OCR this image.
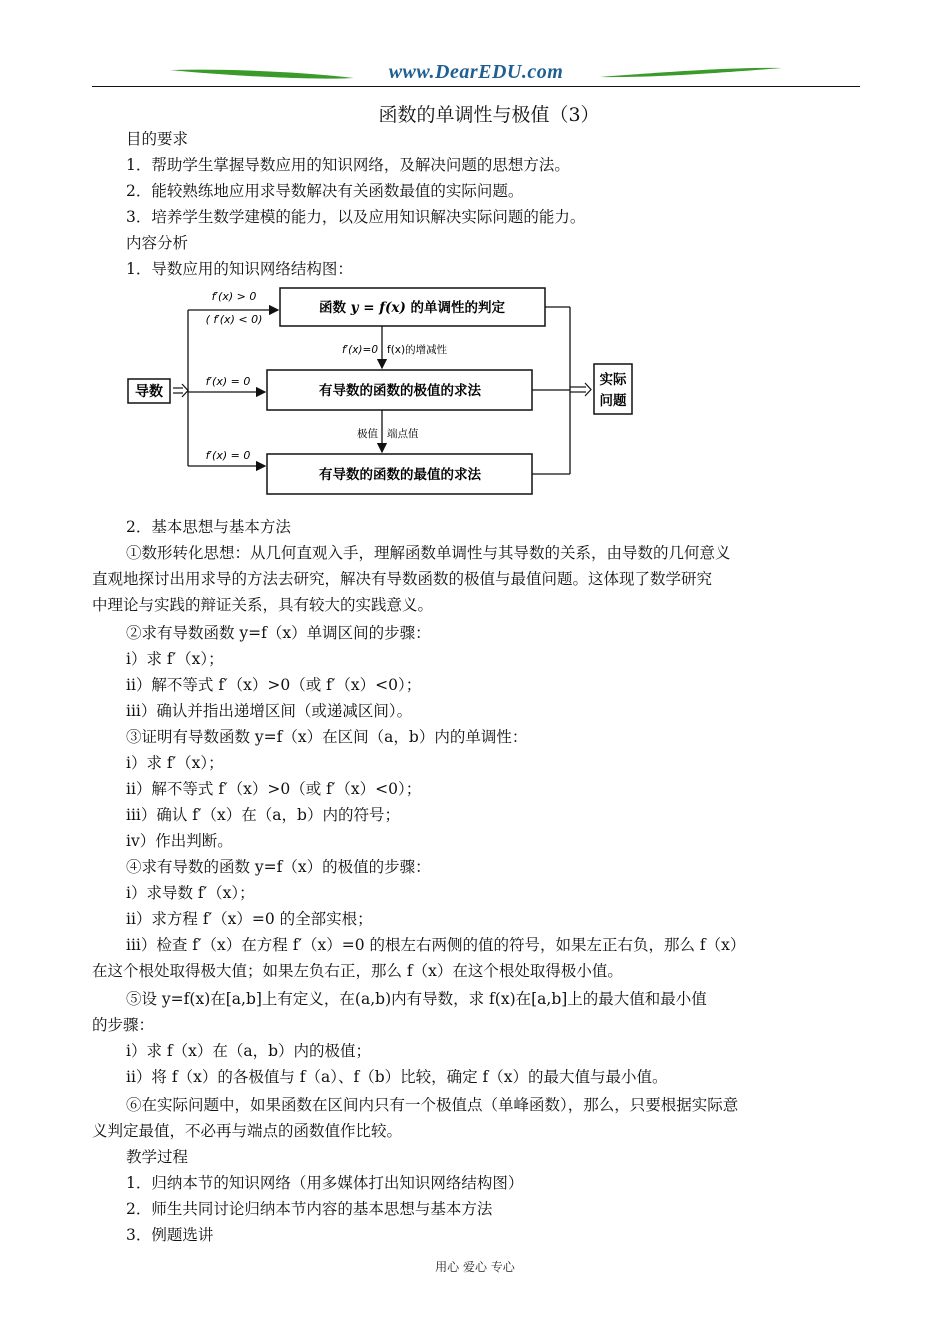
www.DearEDU.com
函数的单调性与极值（3）
目的要求
1．帮助学生掌握导数应用的知识网络，及解决问题的思想方法。
2．能较熟练地应用求导数解决有关函数最值的实际问题。
3．培养学生数学建模的能力，以及应用知识解决实际问题的能力。
内容分析
1．导数应用的知识网络结构图：
导数
f′(x) > 0
( f′(x) < 0)
f′(x) = 0
f′(x) = 0
函数 y = f(x) 的单调性的判定
有导数的函数的极值的求法
有导数的函数的最值的求法
f′(x)=0 f(x)的增减性
极值 端点值
实际
问题
2．基本思想与基本方法
①数形转化思想：从几何直观入手，理解函数单调性与其导数的关系，由导数的几何意义
直观地探讨出用求导的方法去研究，解决有导数函数的极值与最值问题。这体现了数学研究
中理论与实践的辩证关系，具有较大的实践意义。
②求有导数函数 y=f（x）单调区间的步骤：
i）求 f′（x）；
ii）解不等式 f′（x）>0（或 f′（x）<0）；
iii）确认并指出递增区间（或递减区间）。
③证明有导数函数 y=f（x）在区间（a，b）内的单调性：
i）求 f′（x）；
ii）解不等式 f′（x）>0（或 f′（x）<0）；
iii）确认 f′（x）在（a，b）内的符号；
iv）作出判断。
④求有导数的函数 y=f（x）的极值的步骤：
i）求导数 f′（x）；
ii）求方程 f′（x）=0 的全部实根；
iii）检查 f′（x）在方程 f′（x）=0 的根左右两侧的值的符号，如果左正右负，那么 f（x）
在这个根处取得极大值；如果左负右正，那么 f（x）在这个根处取得极小值。
⑤设 y=f(x)在[a,b]上有定义，在(a,b)内有导数，求 f(x)在[a,b]上的最大值和最小值
的步骤：
i）求 f（x）在（a，b）内的极值；
ii）将 f（x）的各极值与 f（a）、f（b）比较，确定 f（x）的最大值与最小值。
⑥在实际问题中，如果函数在区间内只有一个极值点（单峰函数），那么，只要根据实际意
义判定最值，不必再与端点的函数值作比较。
教学过程
1．归纳本节的知识网络（用多媒体打出知识网络结构图）
2．师生共同讨论归纳本节内容的基本思想与基本方法
3．例题选讲
用心 爱心 专心
